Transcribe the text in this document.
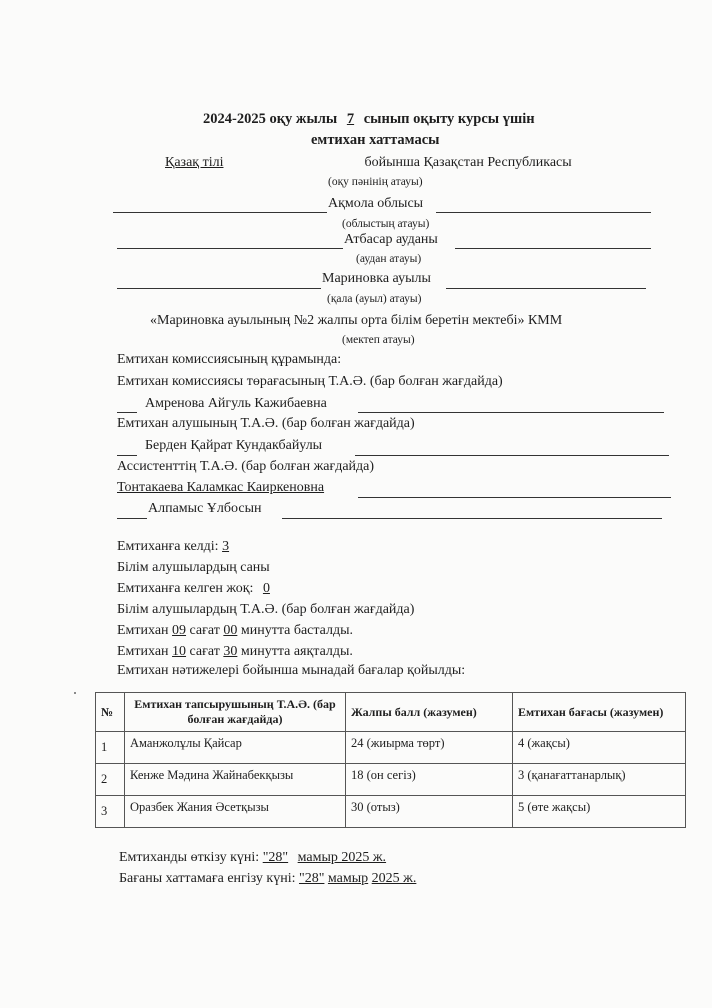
2024-2025 оқу жылы 7 сынып оқыту курсы үшін
емтихан хаттамасы
Қазақ тілі	бойынша Қазақстан Республикасы
(оқу пәнінің атауы)
Ақмола облысы
(облыстың атауы)
Атбасар ауданы
(аудан атауы)
Мариновка ауылы
(қала (ауыл) атауы)
«Мариновка ауылының №2 жалпы орта білім беретін мектебі» КММ
(мектеп атауы)
Емтихан комиссиясының құрамында:
Емтихан комиссиясы төрағасының Т.А.Ә. (бар болған жағдайда)
Амренова Айгуль Кажибаевна
Емтихан алушының Т.А.Ә. (бар болған жағдайда)
Берден Қайрат Кундакбайулы
Ассистенттің Т.А.Ә. (бар болған жағдайда)
Тонтакаева Каламкас Каиркеновна
Алпамыс Ұлбосын
Емтиханға келді: 3
Білім алушылардың саны
Емтиханға келген жоқ: 0
Білім алушылардың Т.А.Ә. (бар болған жағдайда)
Емтихан 09 сағат 00 минутта басталды.
Емтихан 10 сағат 30 минутта аяқталды.
Емтихан нәтижелері бойынша мынадай бағалар қойылды:
№	Емтихан тапсырушының Т.А.Ә. (бар болған жағдайда)	Жалпы балл (жазумен)	Емтихан бағасы (жазумен)
1	Аманжолұлы Қайсар	24 (жиырма төрт)	4 (жақсы)
2	Кенже Мәдина Жайнабекқызы	18 (он сегіз)	3 (қанағаттанарлық)
3	Оразбек Жания Әсетқызы	30 (отыз)	5 (өте жақсы)
Емтиханды өткізу күні: "28" мамыр 2025 ж.
Бағаны хаттамаға енгізу күні: "28" мамыр 2025 ж.
